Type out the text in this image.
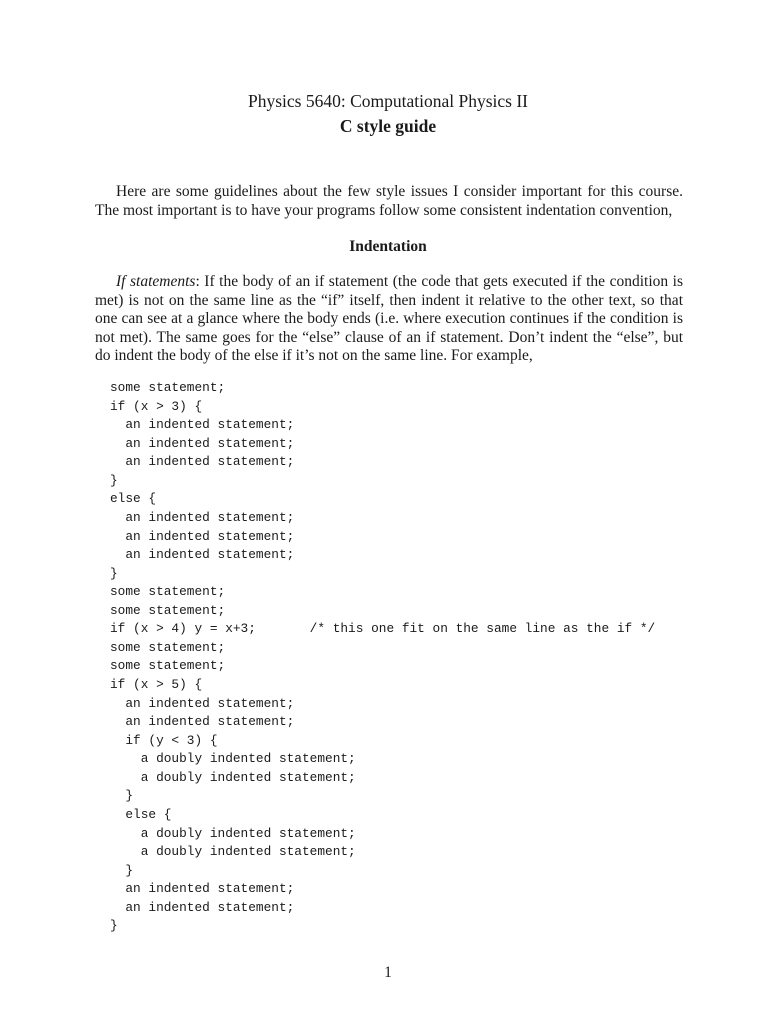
Physics 5640: Computational Physics II
C style guide

Here are some guidelines about the few style issues I consider important for this course. The most important is to have your programs follow some consistent indentation convention,

Indentation

If statements: If the body of an if statement (the code that gets executed if the condition is met) is not on the same line as the “if” itself, then indent it relative to the other text, so that one can see at a glance where the body ends (i.e. where execution continues if the condition is not met). The same goes for the “else” clause of an if statement. Don’t indent the “else”, but do indent the body of the else if it’s not on the same line. For example,

some statement;
if (x > 3) {
an indented statement;
an indented statement;
an indented statement;
}
else {
an indented statement;
an indented statement;
an indented statement;
}
some statement;
some statement;
if (x > 4) y = x+3;       /* this one fit on the same line as the if */
some statement;
some statement;
if (x > 5) {
an indented statement;
an indented statement;
if (y < 3) {
a doubly indented statement;
a doubly indented statement;
}
else {
a doubly indented statement;
a doubly indented statement;
}
an indented statement;
an indented statement;
}
1
